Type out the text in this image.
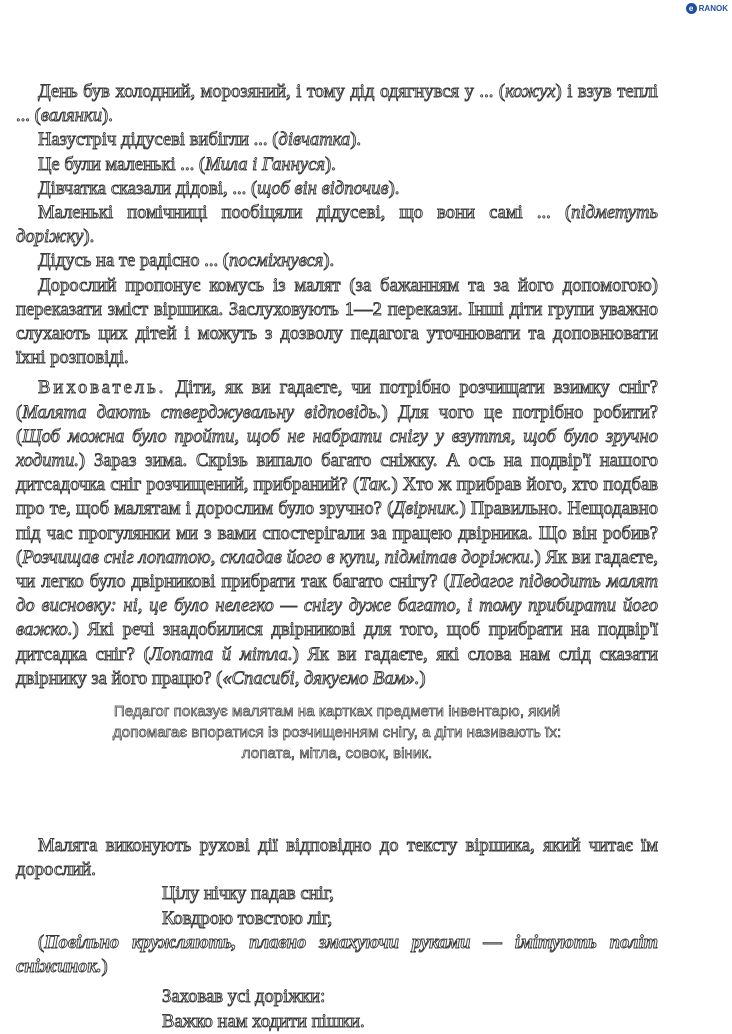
e RANOK

День був холодний, морозяний, і тому дід одягнувся у ... (кожух) і взув теплі ... (валянки).

Назустріч дідусеві вибігли ... (дівчатка).

Це були маленькі ... (Мила і Ганнуся).

Дівчатка сказали дідові, ... (щоб він відпочив).

Маленькі помічниці пообіцяли дідусеві, що вони самі ... (підметуть доріжку).

Дідусь на те радісно ... (посміхнувся).

Дорослий пропонує комусь із малят (за бажанням та за його допомогою) переказати зміст віршика. Заслуховують 1—2 перекази. Інші діти групи уважно слухають цих дітей і можуть з дозволу педагога уточнювати та доповнювати їхні розповіді.

Вихователь. Діти, як ви гадаєте, чи потрібно розчищати взимку сніг? (Малята дають стверджувальну відповідь.) Для чого це потрібно робити? (Щоб можна було пройти, щоб не набрати снігу у взуття, щоб було зручно ходити.) Зараз зима. Скрізь випало багато сніжку. А ось на подвір'ї нашого дитсадочка сніг розчищений, прибраний? (Так.) Хто ж прибрав його, хто подбав про те, щоб малятам і дорослим було зручно? (Двірник.) Правильно. Нещодавно під час прогулянки ми з вами спостерігали за працею двірника. Що він робив? (Розчищав сніг лопатою, складав його в купи, підмітав доріжки.) Як ви гадаєте, чи легко було двірникові прибрати так багато снігу? (Педагог підводить малят до висновку: ні, це було нелегко — снігу дуже багато, і тому прибирати його важко.) Які речі знадобилися двірникові для того, щоб прибрати на подвір'ї дитсадка сніг? (Лопата й мітла.) Як ви гадаєте, які слова нам слід сказати двірнику за його працю? («Спасибі, дякуємо Вам».)

Педагог показує малятам на картках предмети інвентарю, який
допомагає впоратися із розчищенням снігу, а діти називають їх:
лопата, мітла, совок, віник.

Малята виконують рухові дії відповідно до тексту віршика, який читає їм дорослий.

Цілу нічку падав сніг,

Ковдрою товстою ліг,

(Повільно кружляють, плавно змахуючи руками — імітують політ сніжинок.)

Заховав усі доріжки:

Важко нам ходити пішки.
